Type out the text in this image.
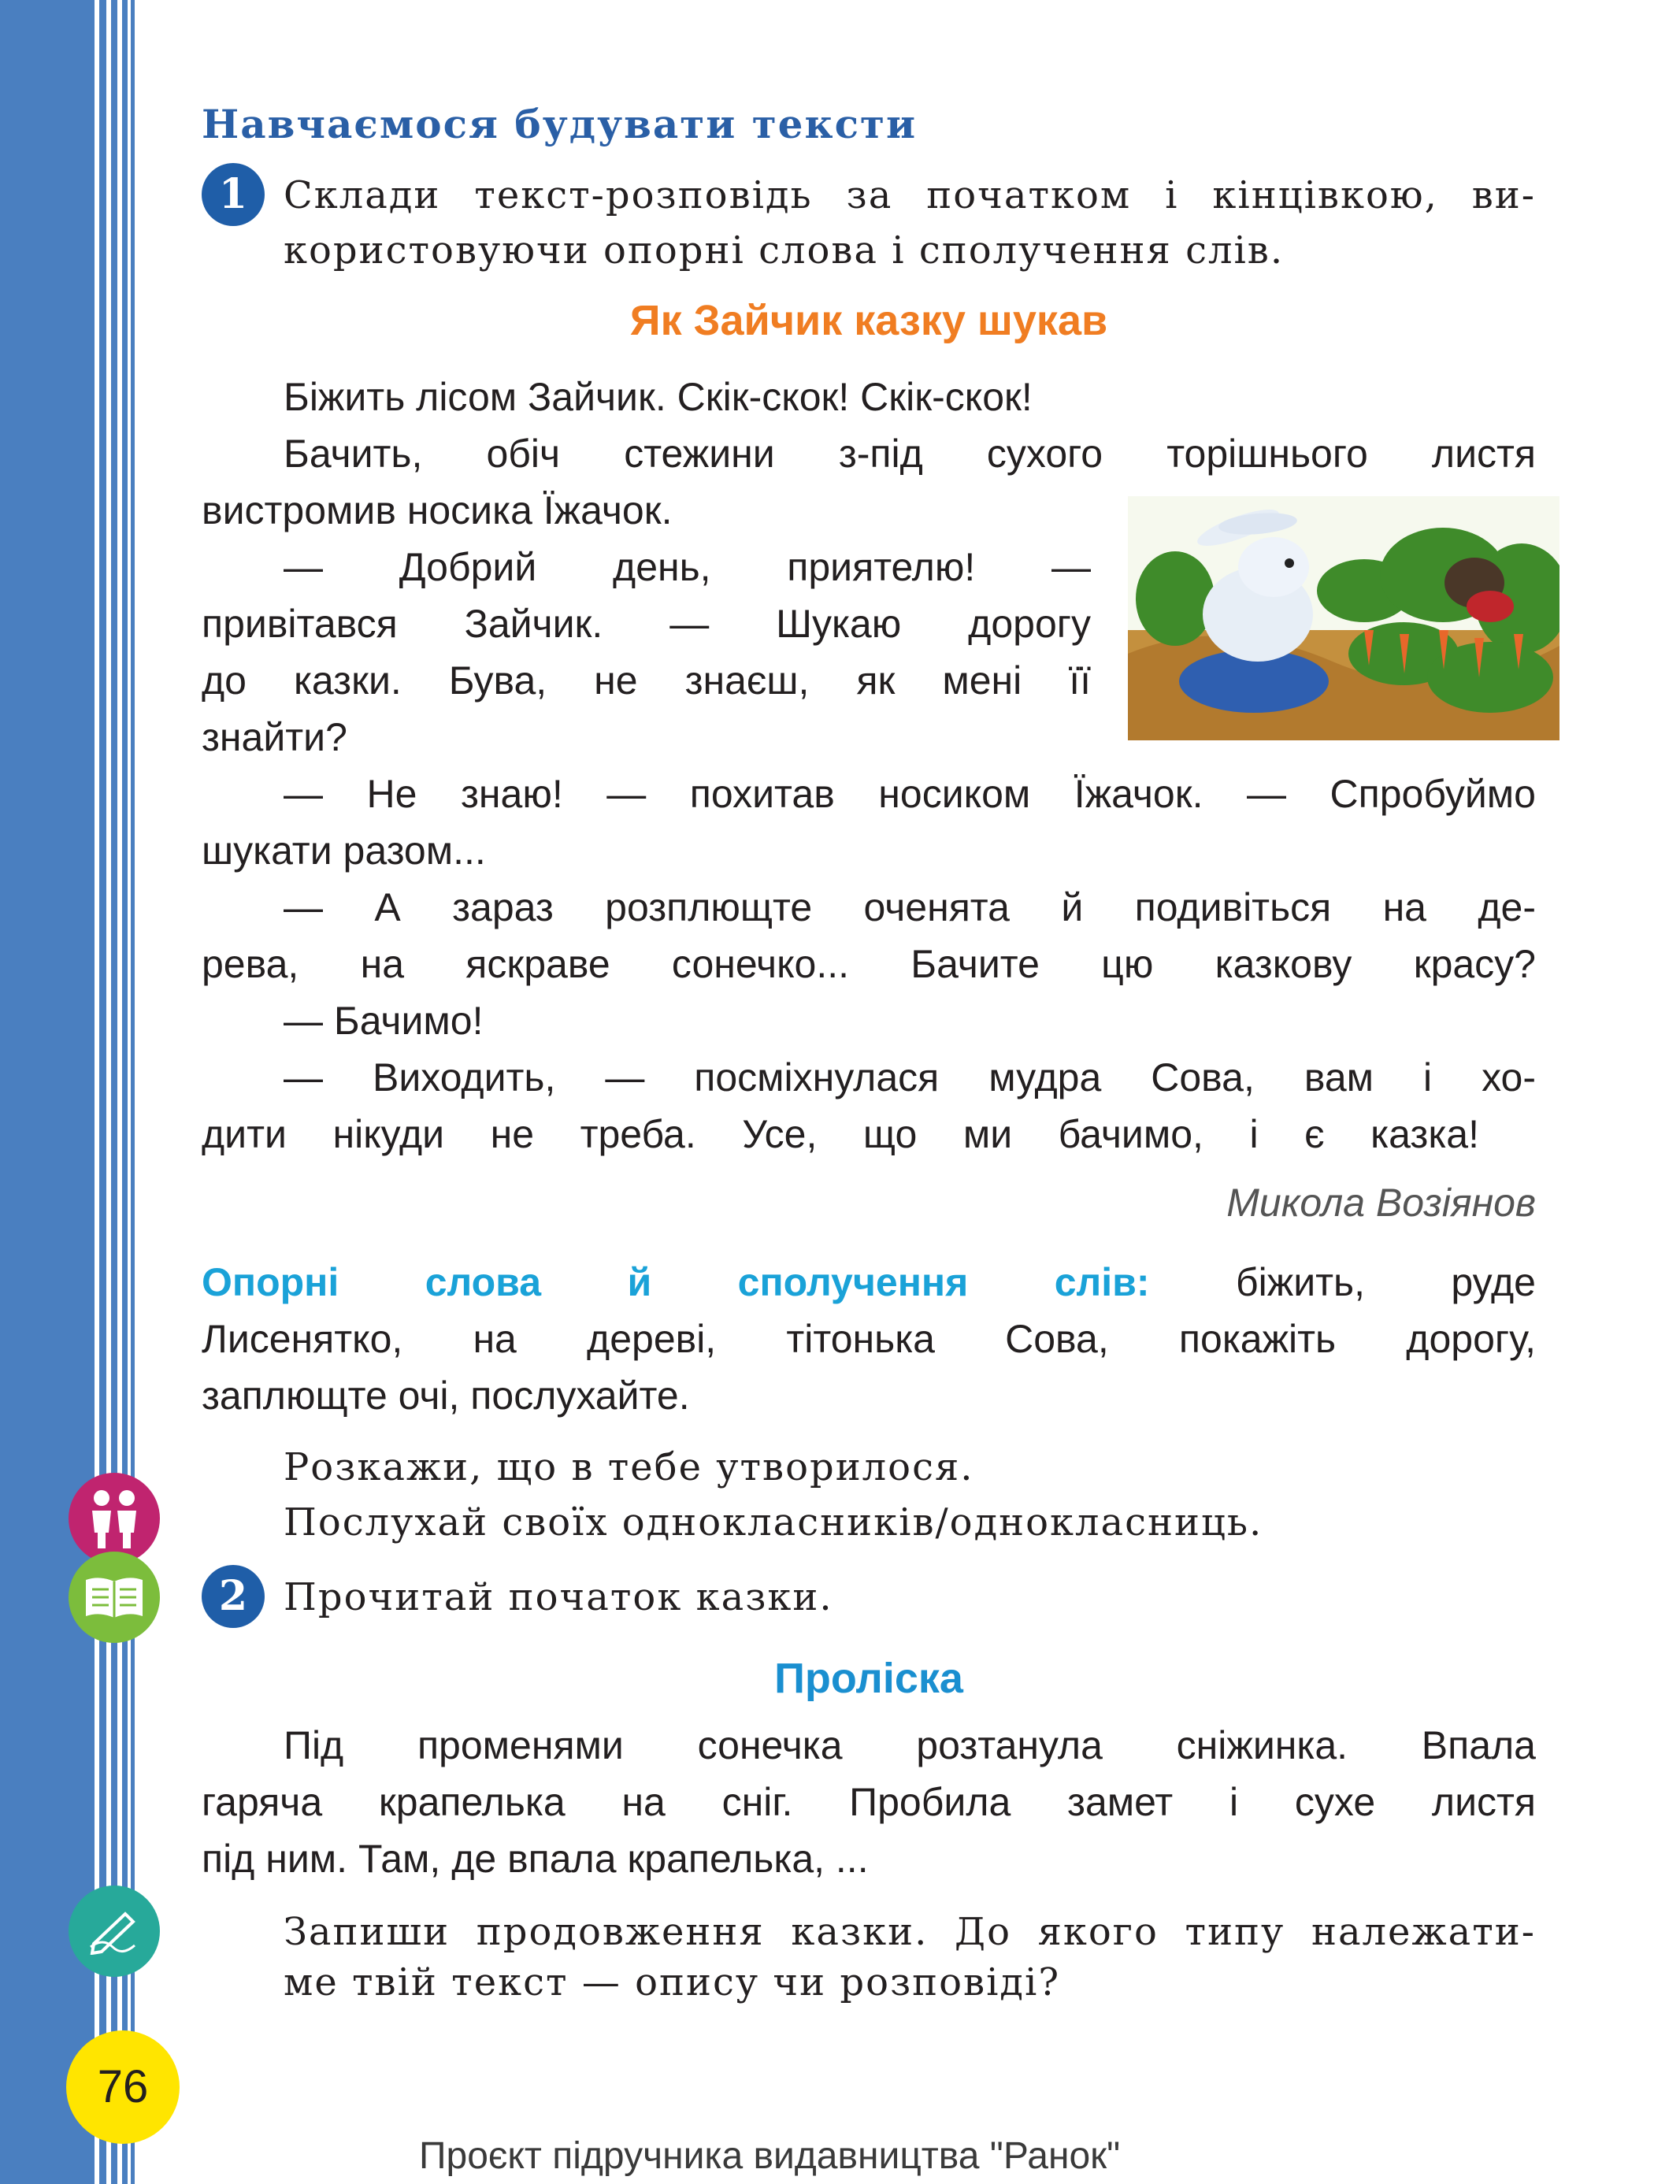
Навчаємося будувати тексти
1 Склади текст-розповідь за початком і кінцівкою, ви-
користовуючи опорні слова і сполучення слів.
Як Зайчик казку шукав
Біжить лісом Зайчик. Скік-скок! Скік-скок!
Бачить, обіч стежини з-під сухого торішнього листя
вистромив носика Їжачок.
— Добрий день, приятелю! —
привітався Зайчик. — Шукаю дорогу
до казки. Бува, не знаєш, як мені її
знайти?
— Не знаю! — похитав носиком Їжачок. — Спробуймо
шукати разом...
— А зараз розплющте оченята й подивіться на де-
рева, на яскраве сонечко... Бачите цю казкову красу?
— Бачимо!
— Виходить, — посміхнулася мудра Сова, вам і хо-
дити нікуди не треба. Усе, що ми бачимо, і є казка!
Микола Возіянов
Опорні слова й сполучення слів: біжить, руде
Лисенятко, на дереві, тітонька Сова, покажіть дорогу,
заплющте очі, послухайте.
Розкажи, що в тебе утворилося.
Послухай своїх однокласників/однокласниць.
2 Прочитай початок казки.
Проліска
Під променями сонечка розтанула сніжинка. Впала
гаряча крапелька на сніг. Пробила замет і сухе листя
під ним. Там, де впала крапелька, ...
Запиши продовження казки. До якого типу належати-
ме твій текст — опису чи розповіді?
76
Проєкт підручника видавництва "Ранок"
